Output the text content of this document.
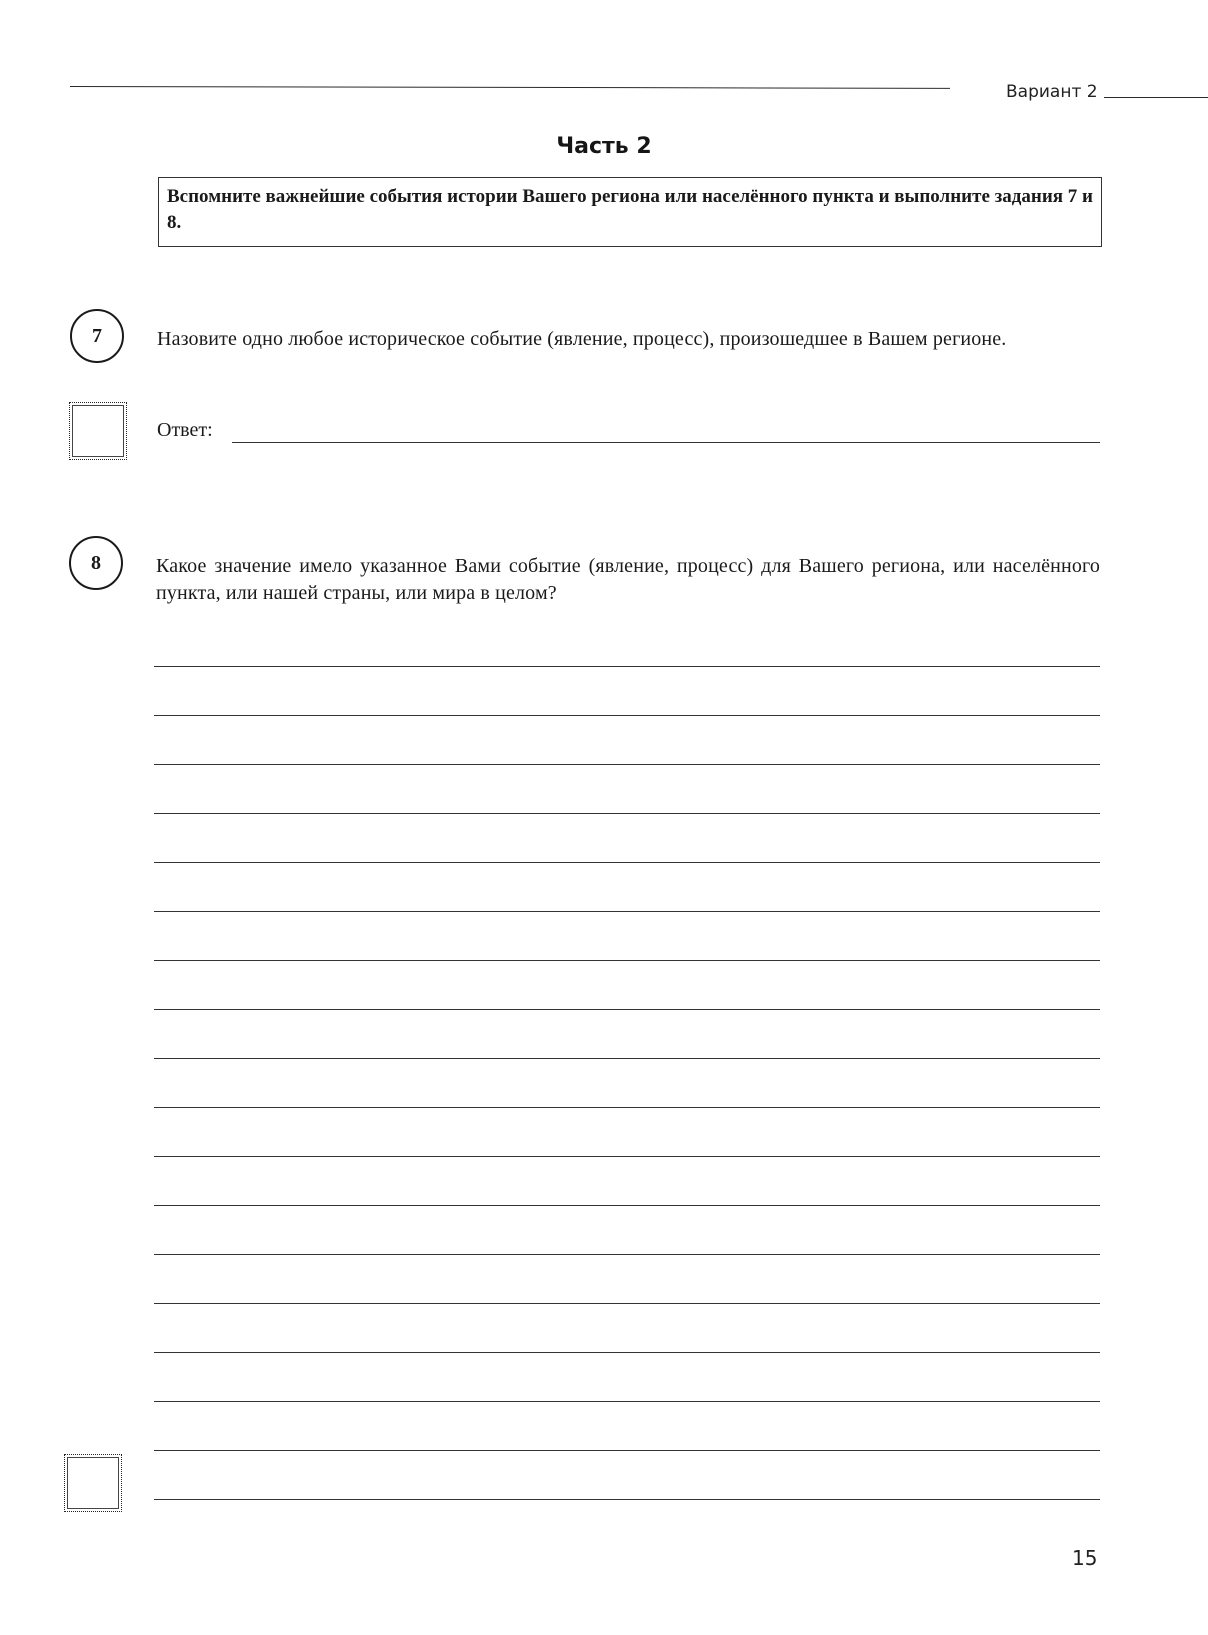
Вариант 2
Часть 2
Вспомните важнейшие события истории Вашего региона или населённого пункта и выполните задания 7 и 8.
7	Назовите одно любое историческое событие (явление, процесс), произошедшее в Вашем регионе.
Ответ:
8	Какое значение имело указанное Вами событие (явление, процесс) для Вашего региона, или населённого пункта, или нашей страны, или мира в целом?
15
